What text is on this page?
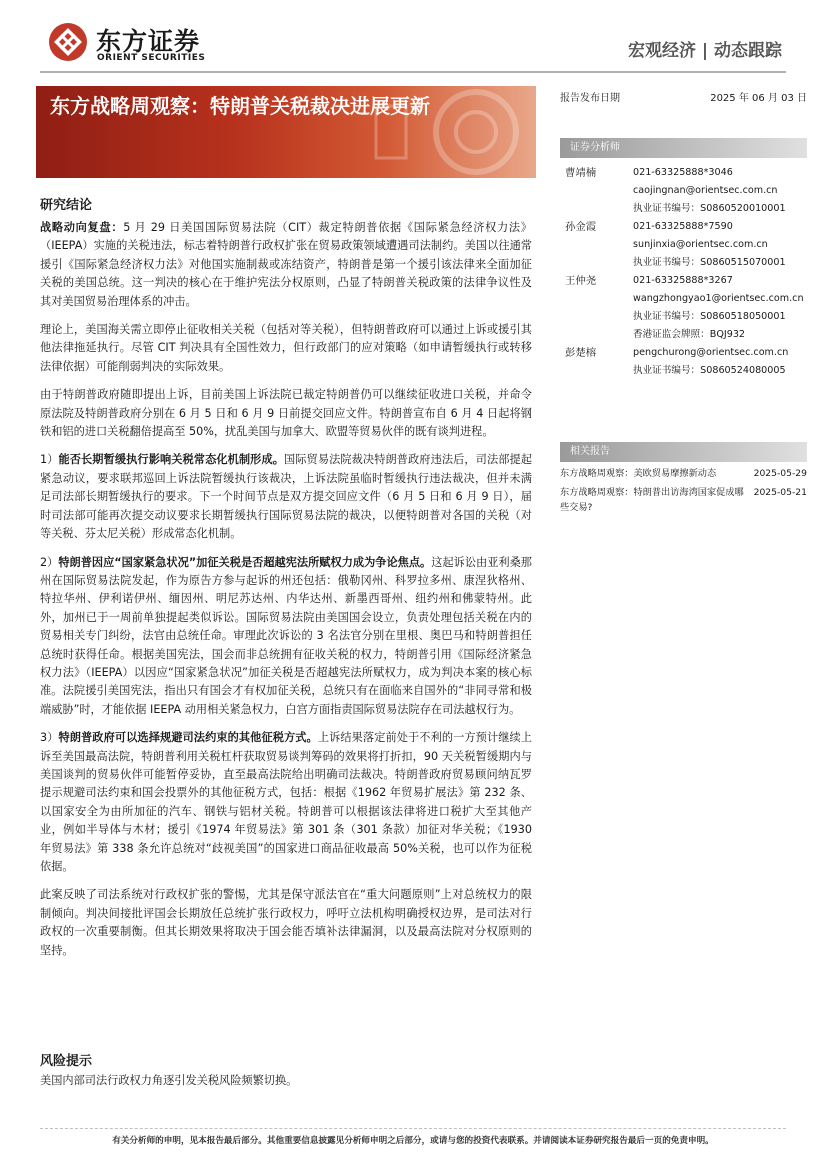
东方证券
ORIENT SECURITIES	宏观经济 | 动态跟踪
东方战略周观察：特朗普关税裁决进展更新	报告发布日期	2025 年 06 月 03 日
证券分析师
曹靖楠	021-63325888*3046
caojingnan@orientsec.com.cn
执业证书编号：S0860520010001
孙金霞	021-63325888*7590
sunjinxia@orientsec.com.cn
执业证书编号：S0860515070001
王仲尧	021-63325888*3267
wangzhongyao1@orientsec.com.cn
执业证书编号：S0860518050001
香港证监会牌照：BQJ932
彭楚榕	pengchurong@orientsec.com.cn
执业证书编号：S0860524080005
相关报告
东方战略周观察：美欧贸易摩擦新动态	2025-05-29
东方战略周观察：特朗普出访海湾国家促成哪些交易?
2025-05-21
研究结论

战略动向复盘：5 月 29 日美国国际贸易法院（CIT）裁定特朗普依据《国际紧急经济权力法》（IEEPA）实施的关税违法，标志着特朗普行政权扩张在贸易政策领域遭遇司法制约。美国以往通常援引《国际紧急经济权力法》对他国实施制裁或冻结资产，特朗普是第一个援引该法律来全面加征关税的美国总统。这一判决的核心在于维护宪法分权原则，凸显了特朗普关税政策的法律争议性及其对美国贸易治理体系的冲击。

理论上，美国海关需立即停止征收相关关税（包括对等关税），但特朗普政府可以通过上诉或援引其他法律拖延执行。尽管 CIT 判决具有全国性效力，但行政部门的应对策略（如申请暂缓执行或转移法律依据）可能削弱判决的实际效果。

由于特朗普政府随即提出上诉，目前美国上诉法院已裁定特朗普仍可以继续征收进口关税，并命令原法院及特朗普政府分别在 6 月 5 日和 6 月 9 日前提交回应文件。特朗普宣布自 6 月 4 日起将钢铁和铝的进口关税翻倍提高至 50%，扰乱美国与加拿大、欧盟等贸易伙伴的既有谈判进程。

1）能否长期暂缓执行影响关税常态化机制形成。国际贸易法院裁决特朗普政府违法后，司法部提起紧急动议，要求联邦巡回上诉法院暂缓执行该裁决，上诉法院虽临时暂缓执行违法裁决，但并未满足司法部长期暂缓执行的要求。下一个时间节点是双方提交回应文件（6 月 5 日和 6 月 9 日），届时司法部可能再次提交动议要求长期暂缓执行国际贸易法院的裁决，以便特朗普对各国的关税（对等关税、芬太尼关税）形成常态化机制。

2）特朗普因应“国家紧急状况”加征关税是否超越宪法所赋权力成为争论焦点。这起诉讼由亚利桑那州在国际贸易法院发起，作为原告方参与起诉的州还包括：俄勒冈州、科罗拉多州、康涅狄格州、特拉华州、伊利诺伊州、缅因州、明尼苏达州、内华达州、新墨西哥州、纽约州和佛蒙特州。此外，加州已于一周前单独提起类似诉讼。国际贸易法院由美国国会设立，负责处理包括关税在内的贸易相关专门纠纷，法官由总统任命。审理此次诉讼的 3 名法官分别在里根、奥巴马和特朗普担任总统时获得任命。根据美国宪法，国会而非总统拥有征收关税的权力，特朗普引用《国际经济紧急权力法》（IEEPA）以因应“国家紧急状况”加征关税是否超越宪法所赋权力，成为判决本案的核心标准。法院援引美国宪法，指出只有国会才有权加征关税，总统只有在面临来自国外的“非同寻常和极端威胁”时，才能依据 IEEPA 动用相关紧急权力，白宫方面指责国际贸易法院存在司法越权行为。

3）特朗普政府可以选择规避司法约束的其他征税方式。上诉结果落定前处于不利的一方预计继续上诉至美国最高法院，特朗普利用关税杠杆获取贸易谈判筹码的效果将打折扣，90 天关税暂缓期内与美国谈判的贸易伙伴可能暂停妥协，直至最高法院给出明确司法裁决。特朗普政府贸易顾问纳瓦罗提示规避司法约束和国会投票外的其他征税方式，包括：根据《1962 年贸易扩展法》第 232 条、以国家安全为由所加征的汽车、钢铁与铝材关税。特朗普可以根据该法律将进口税扩大至其他产业，例如半导体与木材；援引《1974 年贸易法》第 301 条（301 条款）加征对华关税；《1930 年贸易法》第 338 条允许总统对“歧视美国”的国家进口商品征收最高 50%关税，也可以作为征税依据。

此案反映了司法系统对行政权扩张的警惕，尤其是保守派法官在“重大问题原则”上对总统权力的限制倾向。判决间接批评国会长期放任总统扩张行政权力，呼吁立法机构明确授权边界，是司法对行政权的一次重要制衡。但其长期效果将取决于国会能否填补法律漏洞，以及最高法院对分权原则的坚持。

风险提示
美国内部司法行政权力角逐引发关税风险频繁切换。
有关分析师的申明，见本报告最后部分。其他重要信息披露见分析师申明之后部分，或请与您的投资代表联系。并请阅读本证券研究报告最后一页的免责申明。
